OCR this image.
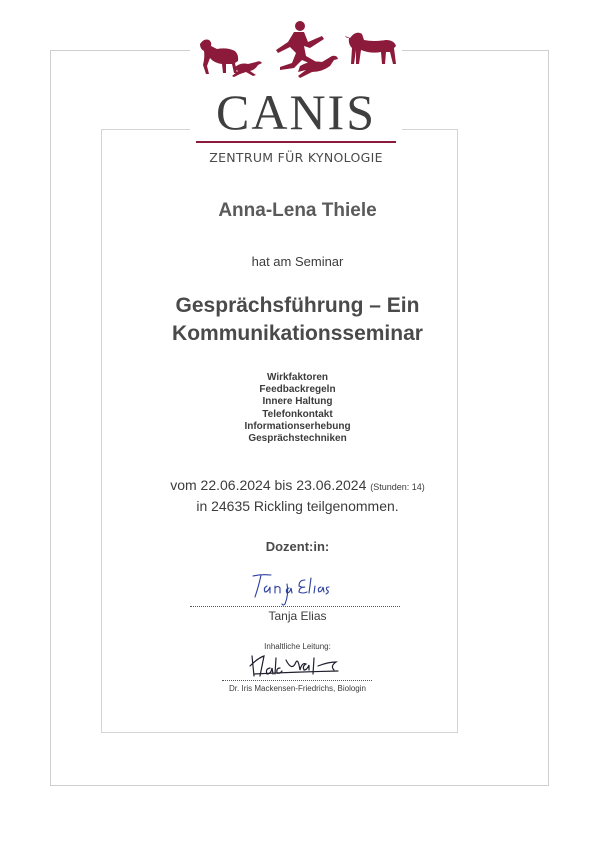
CANIS
ZENTRUM FÜR KYNOLOGIE
Anna-Lena Thiele
hat am Seminar
Gesprächsführung – Ein
Kommunikationsseminar
Wirkfaktoren
Feedbackregeln
Innere Haltung
Telefonkontakt
Informationserhebung
Gesprächstechniken
vom 22.06.2024 bis 23.06.2024 (Stunden: 14)
in 24635 Rickling teilgenommen.
Dozent:in:
Tanja Elias
Inhaltliche Leitung:
Dr. Iris Mackensen-Friedrichs, Biologin
